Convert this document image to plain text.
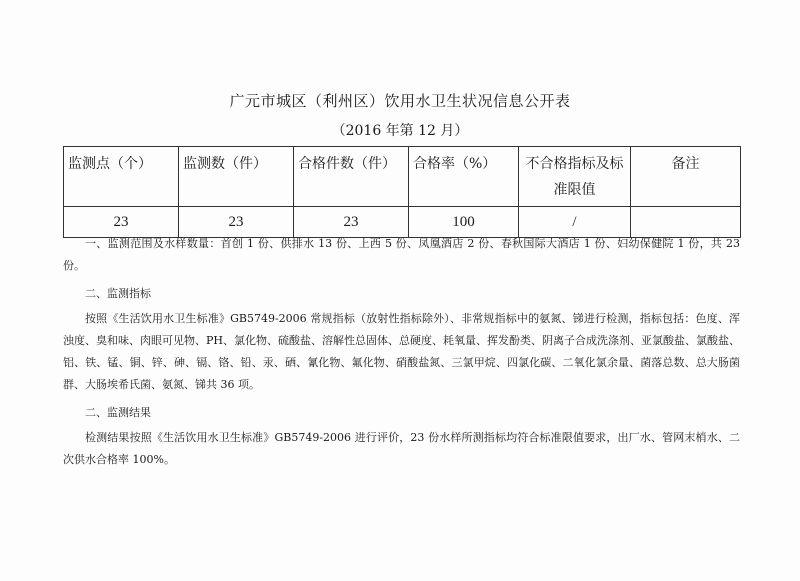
广元市城区（利州区）饮用水卫生状况信息公开表
（2016 年第 12 月）
监测点（个）	监测数（件）	合格件数（件）	合格率（%）	不合格指标及标准限值	备注
23	23	23	100	/	

一、监测范围及水样数量：首创 1 份、供排水 13 份、上西 5 份、凤凰酒店 2 份、春秋国际大酒店 1 份、妇幼保健院 1 份，共 23 份。

二、监测指标

按照《生活饮用水卫生标准》GB5749-2006 常规指标（放射性指标除外）、非常规指标中的氨氮、锑进行检测，指标包括：色度、浑浊度、臭和味、肉眼可见物、PH、氯化物、硫酸盐、溶解性总固体、总硬度、耗氧量、挥发酚类、阴离子合成洗涤剂、亚氯酸盐、氯酸盐、铝、铁、锰、铜、锌、砷、镉、铬、铅、汞、硒、氰化物、氟化物、硝酸盐氮、三氯甲烷、四氯化碳、二氧化氯余量、菌落总数、总大肠菌群、大肠埃希氏菌、氨氮、锑共 36 项。

二、监测结果

检测结果按照《生活饮用水卫生标准》GB5749-2006 进行评价，23 份水样所测指标均符合标准限值要求，出厂水、管网末梢水、二次供水合格率 100%。
